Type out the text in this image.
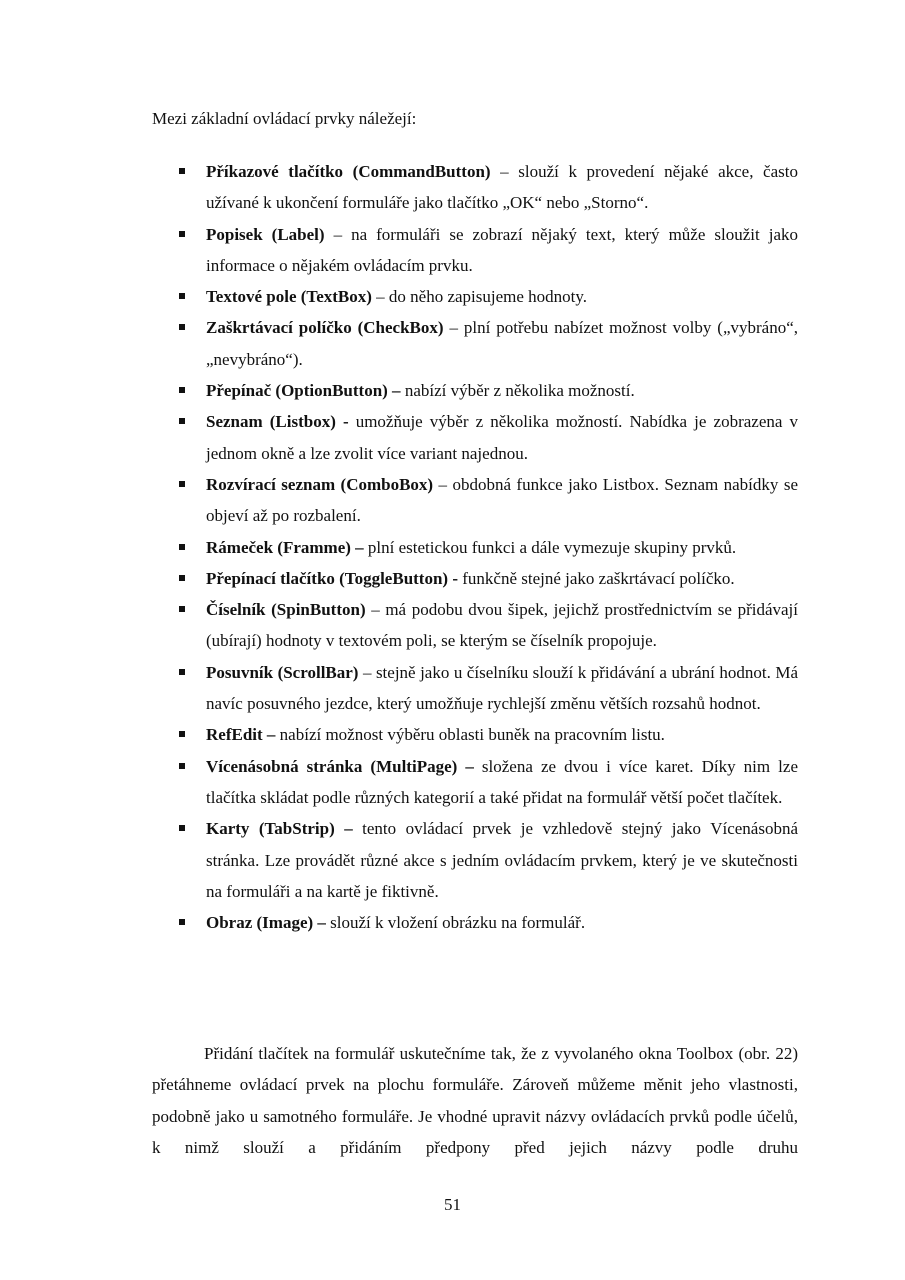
Mezi základní ovládací prvky náležejí:
Příkazové tlačítko (CommandButton) – slouží k provedení nějaké akce, často užívané k ukončení formuláře jako tlačítko „OK“ nebo „Storno“.
Popisek (Label) – na formuláři se zobrazí nějaký text, který může sloužit jako informace o nějakém ovládacím prvku.
Textové pole (TextBox) – do něho zapisujeme hodnoty.
Zaškrtávací políčko (CheckBox) – plní potřebu nabízet možnost volby („vybráno“, „nevybráno“).
Přepínač (OptionButton) – nabízí výběr z několika možností.
Seznam (Listbox) - umožňuje výběr z několika možností. Nabídka je zobrazena v jednom okně a lze zvolit více variant najednou.
Rozvírací seznam (ComboBox) – obdobná funkce jako Listbox. Seznam nabídky se objeví až po rozbalení.
Rámeček (Framme) – plní estetickou funkci a dále vymezuje skupiny prvků.
Přepínací tlačítko (ToggleButton) - funkčně stejné jako zaškrtávací políčko.
Číselník (SpinButton) – má podobu dvou šipek, jejichž prostřednictvím se přidávají (ubírají) hodnoty v textovém poli, se kterým se číselník propojuje.
Posuvník (ScrollBar) – stejně jako u číselníku slouží k přidávání a ubrání hodnot. Má navíc posuvného jezdce, který umožňuje rychlejší změnu větších rozsahů hodnot.
RefEdit – nabízí možnost výběru oblasti buněk na pracovním listu.
Vícenásobná stránka (MultiPage) – složena ze dvou i více karet. Díky nim lze tlačítka skládat podle různých kategorií a také přidat na formulář větší počet tlačítek.
Karty (TabStrip) – tento ovládací prvek je vzhledově stejný jako Vícenásobná stránka. Lze provádět různé akce s jedním ovládacím prvkem, který je ve skutečnosti na formuláři a na kartě je fiktivně.
Obraz (Image) – slouží k vložení obrázku na formulář.

Přidání tlačítek na formulář uskutečníme tak, že z vyvolaného okna Toolbox (obr. 22) přetáhneme ovládací prvek na plochu formuláře. Zároveň můžeme měnit jeho vlastnosti, podobně jako u samotného formuláře. Je vhodné upravit názvy ovládacích prvků podle účelů, k nimž slouží a přidáním předpony před jejich názvy podle druhu

51
